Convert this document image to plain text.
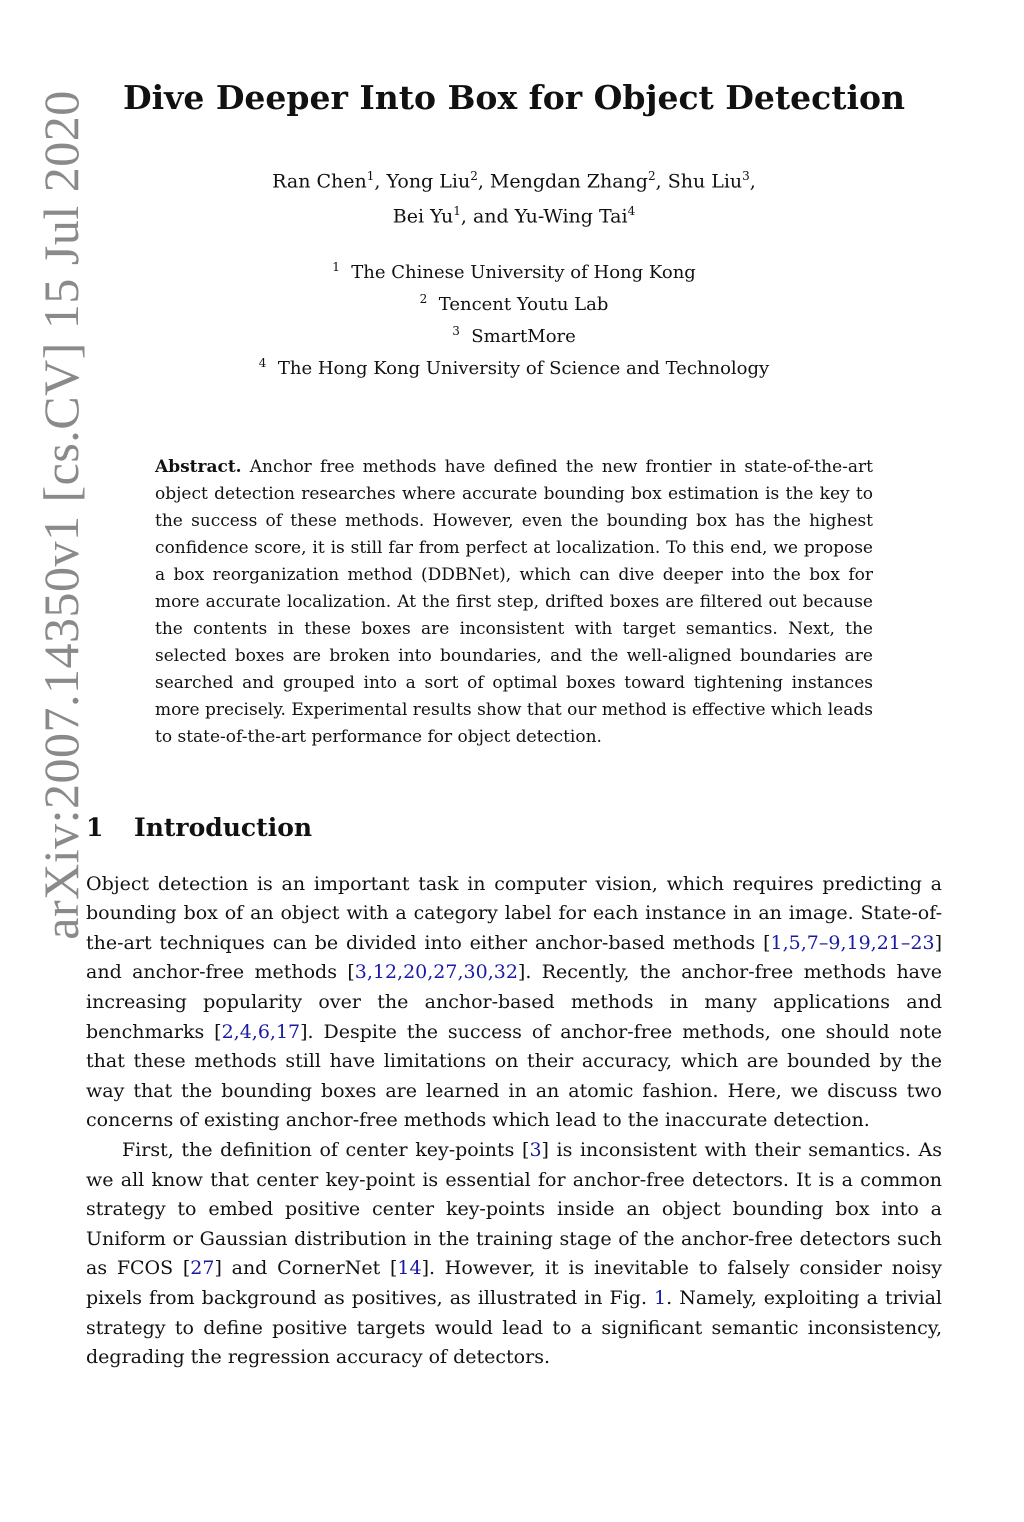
arXiv:2007.14350v1 [cs.CV] 15 Jul 2020	Dive Deeper Into Box for Object Detection
Ran Chen$^1$, Yong Liu$^2$, Mengdan Zhang$^2$, Shu Liu$^3$,
Bei Yu$^1$, and Yu-Wing Tai$^4$
$^1$ The Chinese University of Hong Kong
$^2$ Tencent Youtu Lab
$^3$ SmartMore
$^4$ The Hong Kong University of Science and Technology
Abstract. Anchor free methods have defined the new frontier in state-of-the-art object detection researches where accurate bounding box estimation is the key to the success of these methods. However, even the bounding box has the highest confidence score, it is still far from perfect at localization. To this end, we propose a box reorganization method (DDBNet), which can dive deeper into the box for more accurate localization. At the first step, drifted boxes are filtered out because the contents in these boxes are inconsistent with target semantics. Next, the selected boxes are broken into boundaries, and the well-aligned boundaries are searched and grouped into a sort of optimal boxes toward tightening instances more precisely. Experimental results show that our method is effective which leads to state-of-the-art performance for object detection.
1 Introduction

Object detection is an important task in computer vision, which requires predicting a bounding box of an object with a category label for each instance in an image. State-of-the-art techniques can be divided into either anchor-based methods [1,5,7–9,19,21–23] and anchor-free methods [3,12,20,27,30,32]. Recently, the anchor-free methods have increasing popularity over the anchor-based methods in many applications and benchmarks [2,4,6,17]. Despite the success of anchor-free methods, one should note that these methods still have limitations on their accuracy, which are bounded by the way that the bounding boxes are learned in an atomic fashion. Here, we discuss two concerns of existing anchor-free methods which lead to the inaccurate detection.

First, the definition of center key-points [3] is inconsistent with their semantics. As we all know that center key-point is essential for anchor-free detectors. It is a common strategy to embed positive center key-points inside an object bounding box into a Uniform or Gaussian distribution in the training stage of the anchor-free detectors such as FCOS [27] and CornerNet [14]. However, it is inevitable to falsely consider noisy pixels from background as positives, as illustrated in Fig. 1. Namely, exploiting a trivial strategy to define positive targets would lead to a significant semantic inconsistency, degrading the regression accuracy of detectors.
